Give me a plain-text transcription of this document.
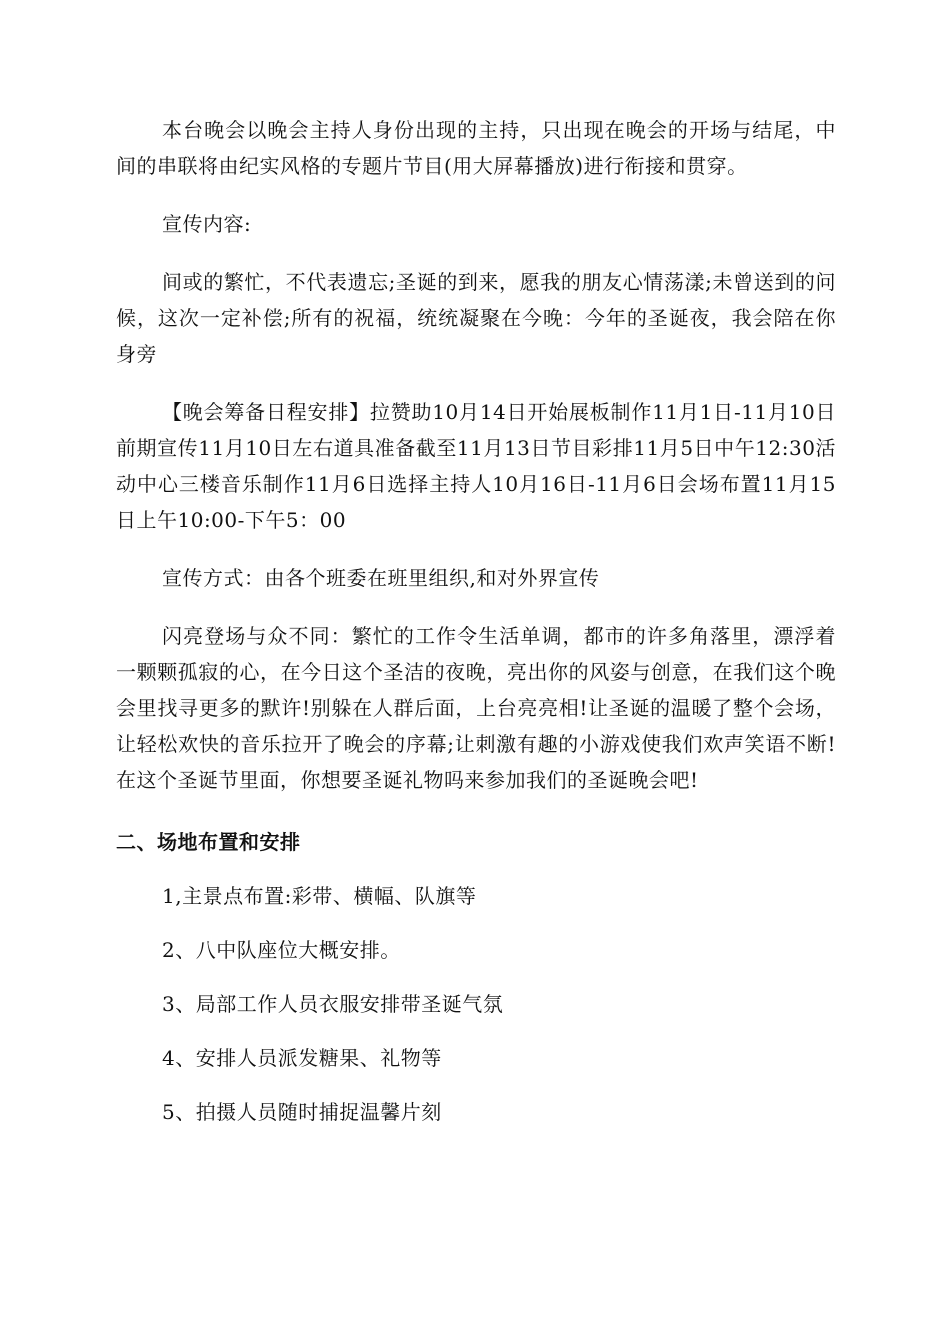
本台晚会以晚会主持人身份出现的主持，只出现在晚会的开场与结尾，中间的串联将由纪实风格的专题片节目(用大屏幕播放)进行衔接和贯穿。

宣传内容:

间或的繁忙，不代表遗忘;圣诞的到来，愿我的朋友心情荡漾;未曾送到的问候，这次一定补偿;所有的祝福，统统凝聚在今晚：今年的圣诞夜，我会陪在你身旁

【晚会筹备日程安排】拉赞助10月14日开始展板制作11月1日-11月10日前期宣传11月10日左右道具准备截至11月13日节目彩排11月5日中午12:30活动中心三楼音乐制作11月6日选择主持人10月16日-11月6日会场布置11月15日上午10:00-下午5：00

宣传方式：由各个班委在班里组织,和对外界宣传

闪亮登场与众不同：繁忙的工作令生活单调，都市的许多角落里，漂浮着一颗颗孤寂的心，在今日这个圣洁的夜晚，亮出你的风姿与创意，在我们这个晚会里找寻更多的默许!别躲在人群后面，上台亮亮相!让圣诞的温暖了整个会场，让轻松欢快的音乐拉开了晚会的序幕;让刺激有趣的小游戏使我们欢声笑语不断!在这个圣诞节里面，你想要圣诞礼物吗来参加我们的圣诞晚会吧!

二、场地布置和安排
1,主景点布置:彩带、横幅、队旗等
2、八中队座位大概安排。
3、局部工作人员衣服安排带圣诞气氛
4、安排人员派发糖果、礼物等
5、拍摄人员随时捕捉温馨片刻
